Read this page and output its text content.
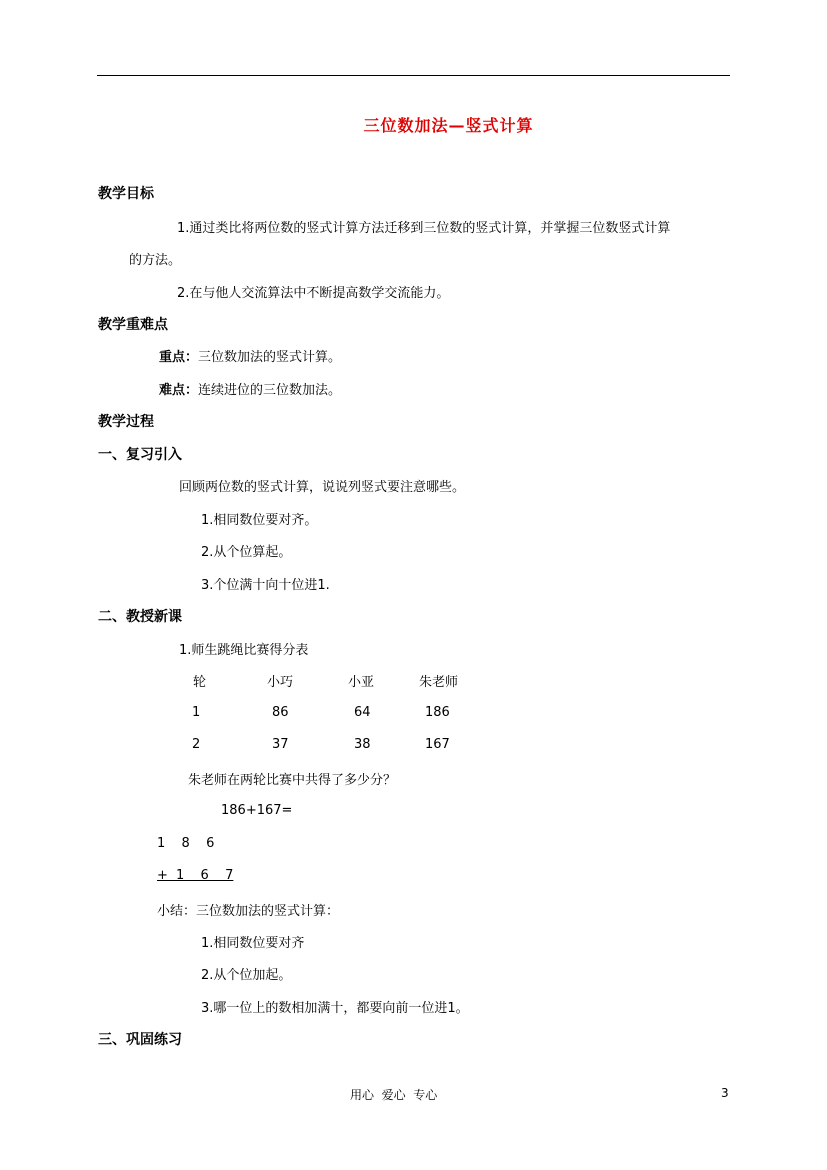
三位数加法—竖式计算
教学目标
1.通过类比将两位数的竖式计算方法迁移到三位数的竖式计算，并掌握三位数竖式计算
的方法。
2.在与他人交流算法中不断提高数学交流能力。
教学重难点
重点：三位数加法的竖式计算。
难点：连续进位的三位数加法。
教学过程
一、复习引入
回顾两位数的竖式计算，说说列竖式要注意哪些。
1.相同数位要对齐。
2.从个位算起。
3.个位满十向十位进1.
二、教授新课
1.师生跳绳比赛得分表
轮	小巧	小亚	朱老师
1	86	64	186
2	37	38	167
朱老师在两轮比赛中共得了多少分？
186+167=
1  8  6
+ 1  6  7
小结：三位数加法的竖式计算：
1.相同数位要对齐
2.从个位加起。
3.哪一位上的数相加满十，都要向前一位进1。
三、巩固练习
用心  爱心  专心	3
